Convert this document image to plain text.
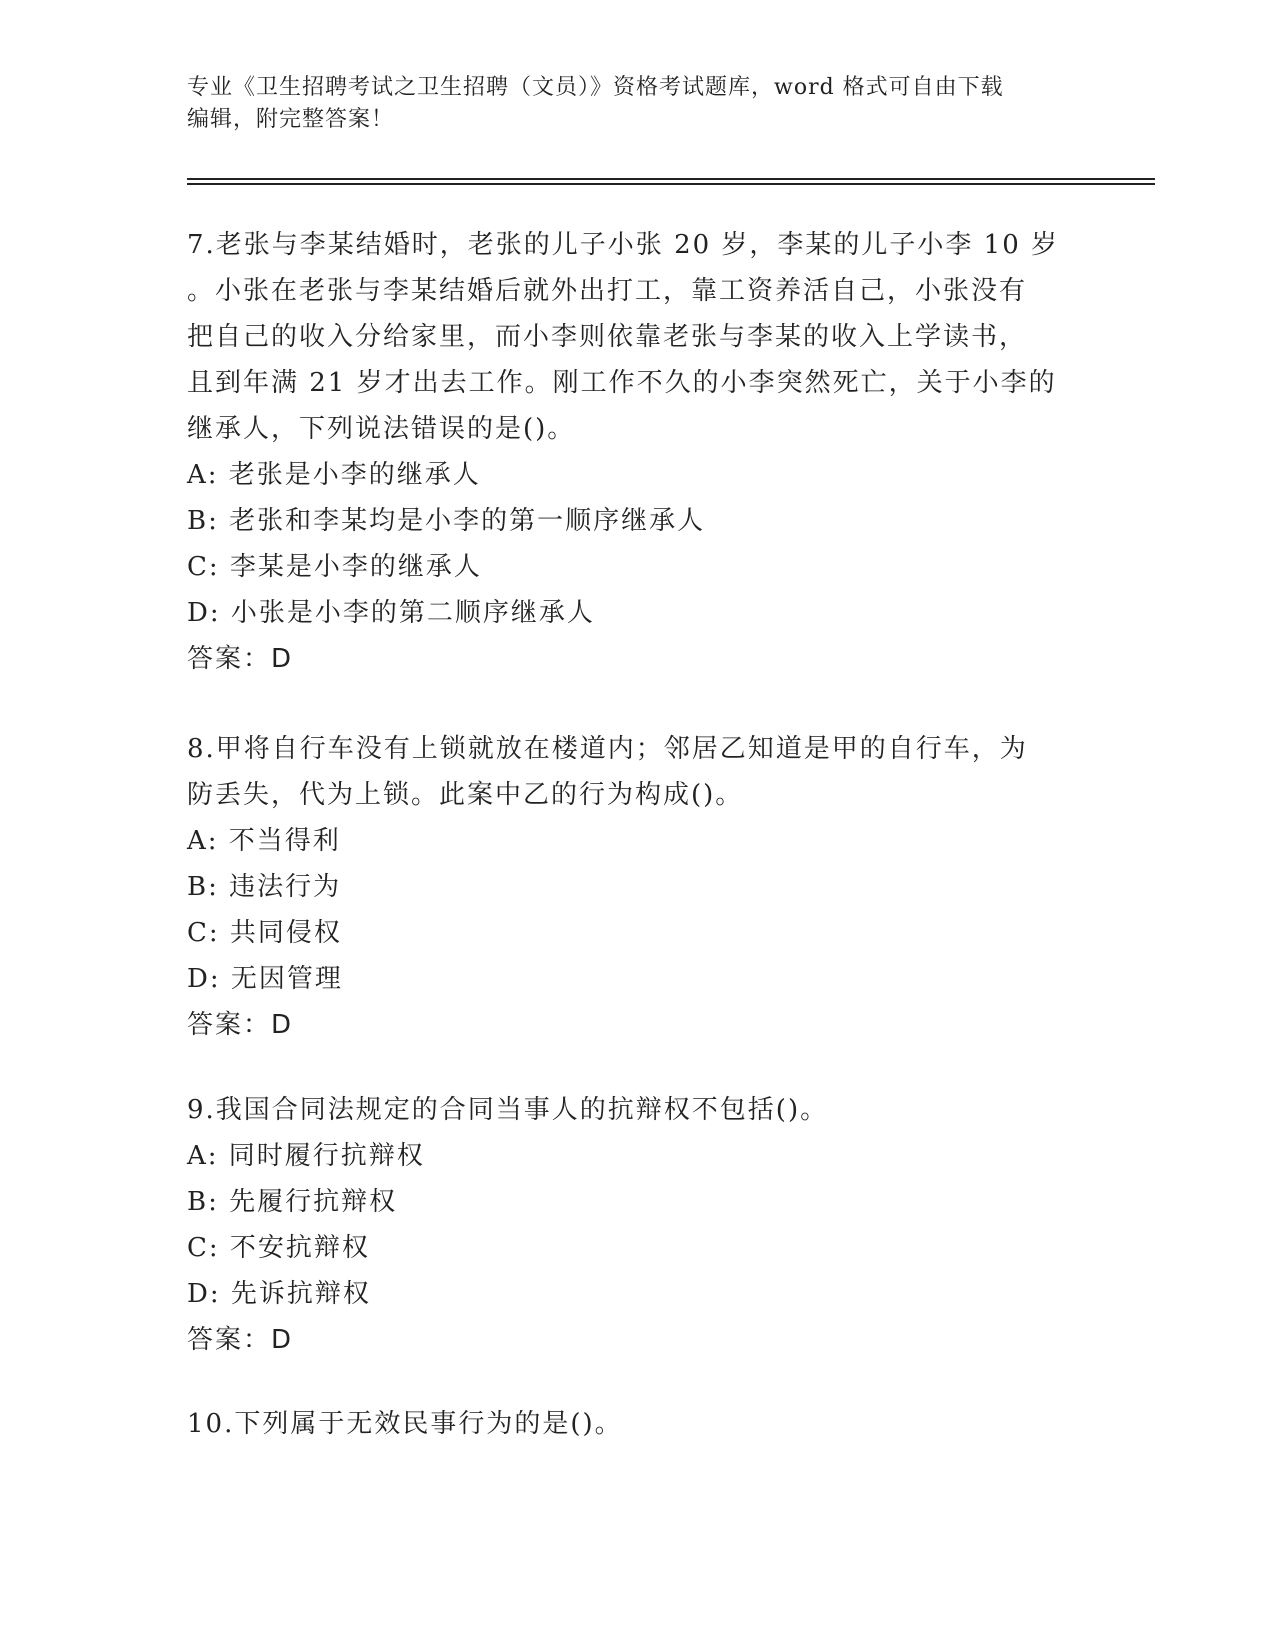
专业《卫生招聘考试之卫生招聘（文员）》资格考试题库，word 格式可自由下载
编辑，附完整答案！
7.老张与李某结婚时，老张的儿子小张 20 岁，李某的儿子小李 10 岁
。小张在老张与李某结婚后就外出打工，靠工资养活自己，小张没有
把自己的收入分给家里，而小李则依靠老张与李某的收入上学读书，
且到年满 21 岁才出去工作。刚工作不久的小李突然死亡，关于小李的
继承人，下列说法错误的是()。
A: 老张是小李的继承人
B: 老张和李某均是小李的第一顺序继承人
C: 李某是小李的继承人
D: 小张是小李的第二顺序继承人
答案：D
8.甲将自行车没有上锁就放在楼道内；邻居乙知道是甲的自行车，为
防丢失，代为上锁。此案中乙的行为构成()。
A: 不当得利
B: 违法行为
C: 共同侵权
D: 无因管理
答案：D
9.我国合同法规定的合同当事人的抗辩权不包括()。
A: 同时履行抗辩权
B: 先履行抗辩权
C: 不安抗辩权
D: 先诉抗辩权
答案：D
10.下列属于无效民事行为的是()。
